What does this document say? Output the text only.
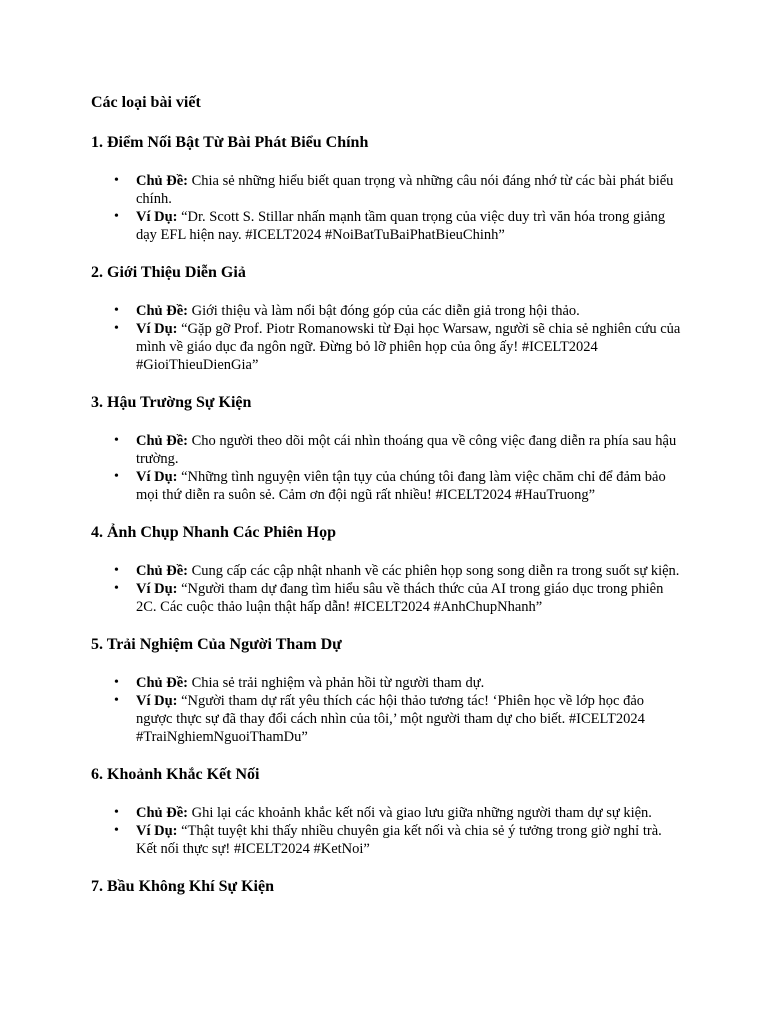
Các loại bài viết
1. Điểm Nối Bật Từ Bài Phát Biểu Chính
• Chủ Đề: Chia sẻ những hiểu biết quan trọng và những câu nói đáng nhớ từ các bài phát biểu chính.
• Ví Dụ: “Dr. Scott S. Stillar nhấn mạnh tầm quan trọng của việc duy trì văn hóa trong giảng dạy EFL hiện nay. #ICELT2024 #NoiBatTuBaiPhatBieuChinh”
2. Giới Thiệu Diễn Giả
• Chủ Đề: Giới thiệu và làm nổi bật đóng góp của các diễn giả trong hội thảo.
• Ví Dụ: “Gặp gỡ Prof. Piotr Romanowski từ Đại học Warsaw, người sẽ chia sẻ nghiên cứu của mình về giáo dục đa ngôn ngữ. Đừng bỏ lỡ phiên họp của ông ấy! #ICELT2024 #GioiThieuDienGia”
3. Hậu Trường Sự Kiện
• Chủ Đề: Cho người theo dõi một cái nhìn thoáng qua về công việc đang diễn ra phía sau hậu trường.
• Ví Dụ: “Những tình nguyện viên tận tụy của chúng tôi đang làm việc chăm chỉ để đảm bảo mọi thứ diễn ra suôn sẻ. Cảm ơn đội ngũ rất nhiều! #ICELT2024 #HauTruong”
4. Ảnh Chụp Nhanh Các Phiên Họp
• Chủ Đề: Cung cấp các cập nhật nhanh về các phiên họp song song diễn ra trong suốt sự kiện.
• Ví Dụ: “Người tham dự đang tìm hiểu sâu về thách thức của AI trong giáo dục trong phiên 2C. Các cuộc thảo luận thật hấp dẫn! #ICELT2024 #AnhChupNhanh”
5. Trải Nghiệm Của Người Tham Dự
• Chủ Đề: Chia sẻ trải nghiệm và phản hồi từ người tham dự.
• Ví Dụ: “Người tham dự rất yêu thích các hội thảo tương tác! ‘Phiên học về lớp học đảo ngược thực sự đã thay đổi cách nhìn của tôi,’ một người tham dự cho biết. #ICELT2024 #TraiNghiemNguoiThamDu”
6. Khoảnh Khắc Kết Nối
• Chủ Đề: Ghi lại các khoảnh khắc kết nối và giao lưu giữa những người tham dự sự kiện.
• Ví Dụ: “Thật tuyệt khi thấy nhiều chuyên gia kết nối và chia sẻ ý tưởng trong giờ nghỉ trà. Kết nối thực sự! #ICELT2024 #KetNoi”
7. Bầu Không Khí Sự Kiện
